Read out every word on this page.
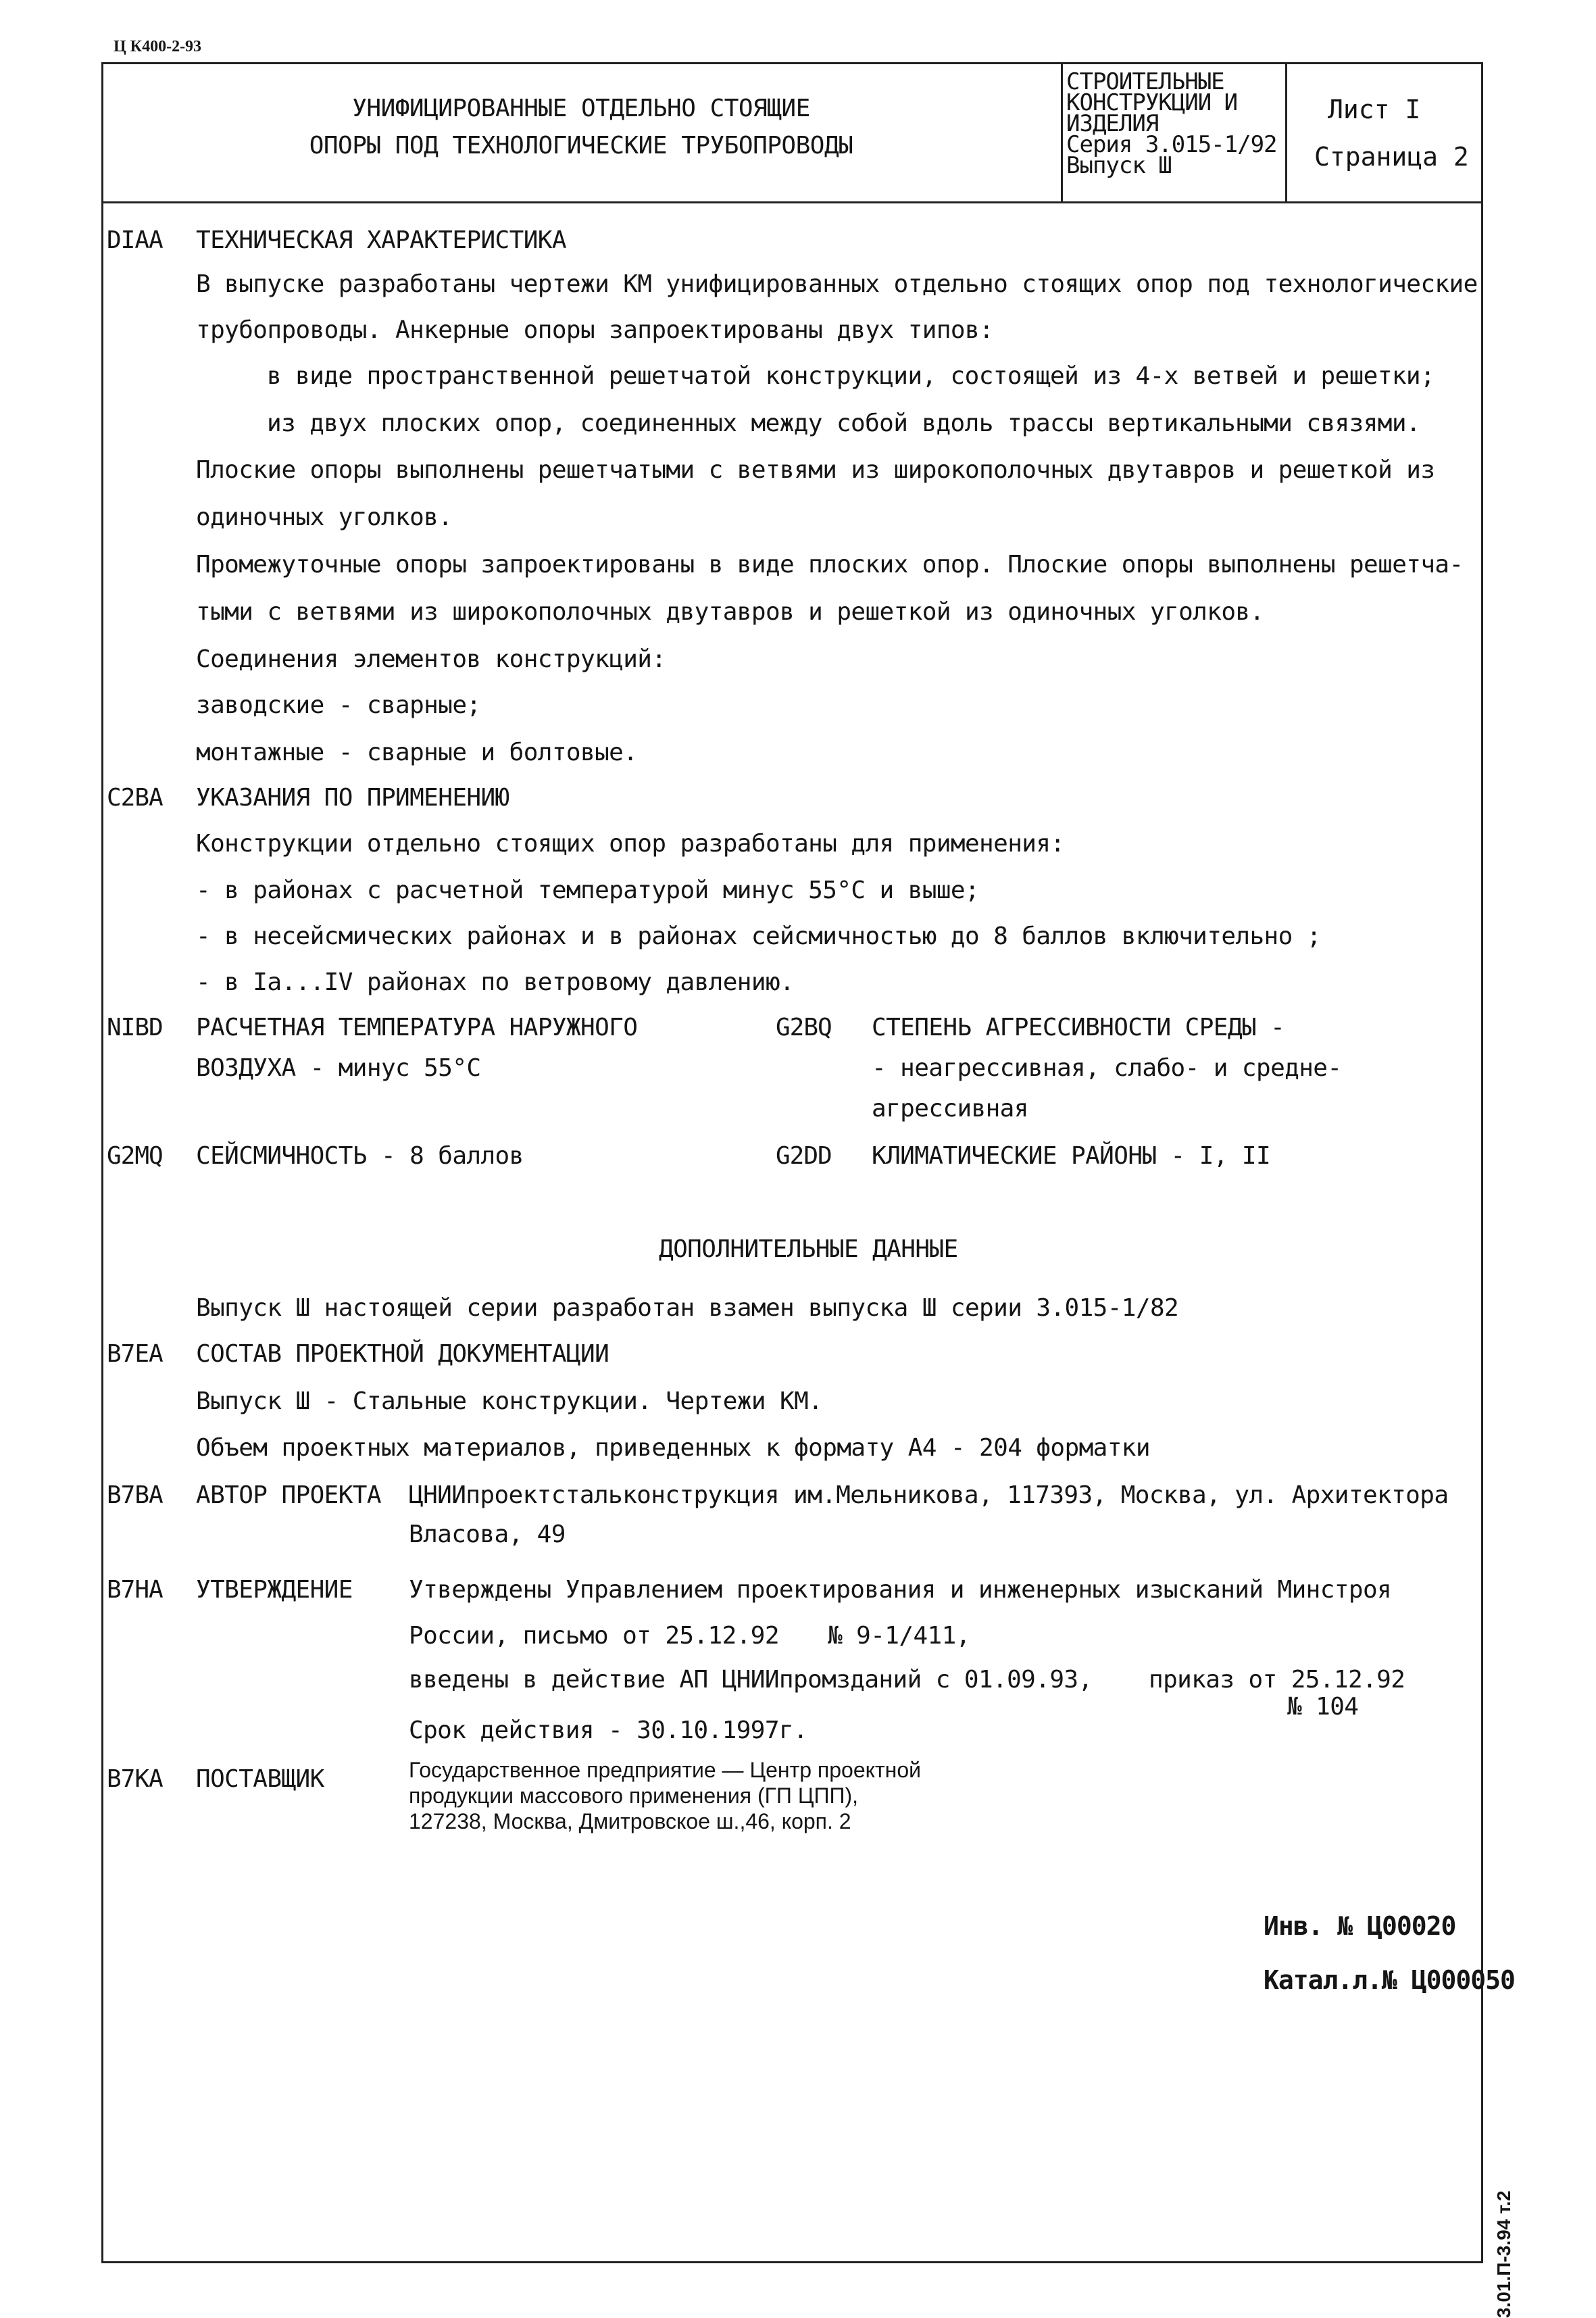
Ц К400-2-93
УНИФИЦИРОВАННЫЕ ОТДЕЛЬНО СТОЯЩИЕ
ОПОРЫ ПОД ТЕХНОЛОГИЧЕСКИЕ ТРУБОПРОВОДЫ
СТРОИТЕЛЬНЫЕ
КОНСТРУКЦИИ И
ИЗДЕЛИЯ
Серия 3.015-1/92
Выпуск Ш
Лист I
Страница 2
DIAA ТЕХНИЧЕСКАЯ ХАРАКТЕРИСТИКА
В выпуске разработаны чертежи КМ унифицированных отдельно стоящих опор под технологические
трубопроводы. Анкерные опоры запроектированы двух типов:
в виде пространственной решетчатой конструкции, состоящей из 4-х ветвей и решетки;
из двух плоских опор, соединенных между собой вдоль трассы вертикальными связями.
Плоские опоры выполнены решетчатыми с ветвями из широкополочных двутавров и решеткой из
одиночных уголков.
Промежуточные опоры запроектированы в виде плоских опор. Плоские опоры выполнены решетча-
тыми с ветвями из широкополочных двутавров и решеткой из одиночных уголков.
Соединения элементов конструкций:
заводские - сварные;
монтажные - сварные и болтовые.
C2BA УКАЗАНИЯ ПО ПРИМЕНЕНИЮ
Конструкции отдельно стоящих опор разработаны для применения:
- в районах с расчетной температурой минус 55°С и выше;
- в несейсмических районах и в районах сейсмичностью до 8 баллов включительно ;
- в Iа...IV районах по ветровому давлению.
NIBD РАСЧЕТНАЯ ТЕМПЕРАТУРА НАРУЖНОГО
ВОЗДУХА - минус 55°С
G2BQ СТЕПЕНЬ АГРЕССИВНОСТИ СРЕДЫ -
- неагрессивная, слабо- и средне-
агрессивная
G2MQ СЕЙСМИЧНОСТЬ - 8 баллов	G2DD КЛИМАТИЧЕСКИЕ РАЙОНЫ - I, II
ДОПОЛНИТЕЛЬНЫЕ ДАННЫЕ
Выпуск Ш настоящей серии разработан взамен выпуска Ш серии 3.015-1/82
B7EA СОСТАВ ПРОЕКТНОЙ ДОКУМЕНТАЦИИ
Выпуск Ш - Стальные конструкции. Чертежи КМ.
Объем проектных материалов, приведенных к формату А4 - 204 форматки
B7BA АВТОР ПРОЕКТА ЦНИИпроектстальконструкция им.Мельникова, 117393, Москва, ул. Архитектора
Власова, 49
B7HA УТВЕРЖДЕНИЕ Утверждены Управлением проектирования и инженерных изысканий Минстроя
России, письмо от 25.12.92 № 9-1/411,
введены в действие АП ЦНИИпромзданий с 01.09.93, приказ от 25.12.92
№ 104
Срок действия - 30.10.1997г.
B7KA ПОСТАВЩИК	Государственное предприятие — Центр проектной
продукции массового применения (ГП ЦПП),
127238, Москва, Дмитровское ш.,46, корп. 2
Инв. № Ц00020
Катал.л.№ Ц000050
3.01.П-3.94 т.2
